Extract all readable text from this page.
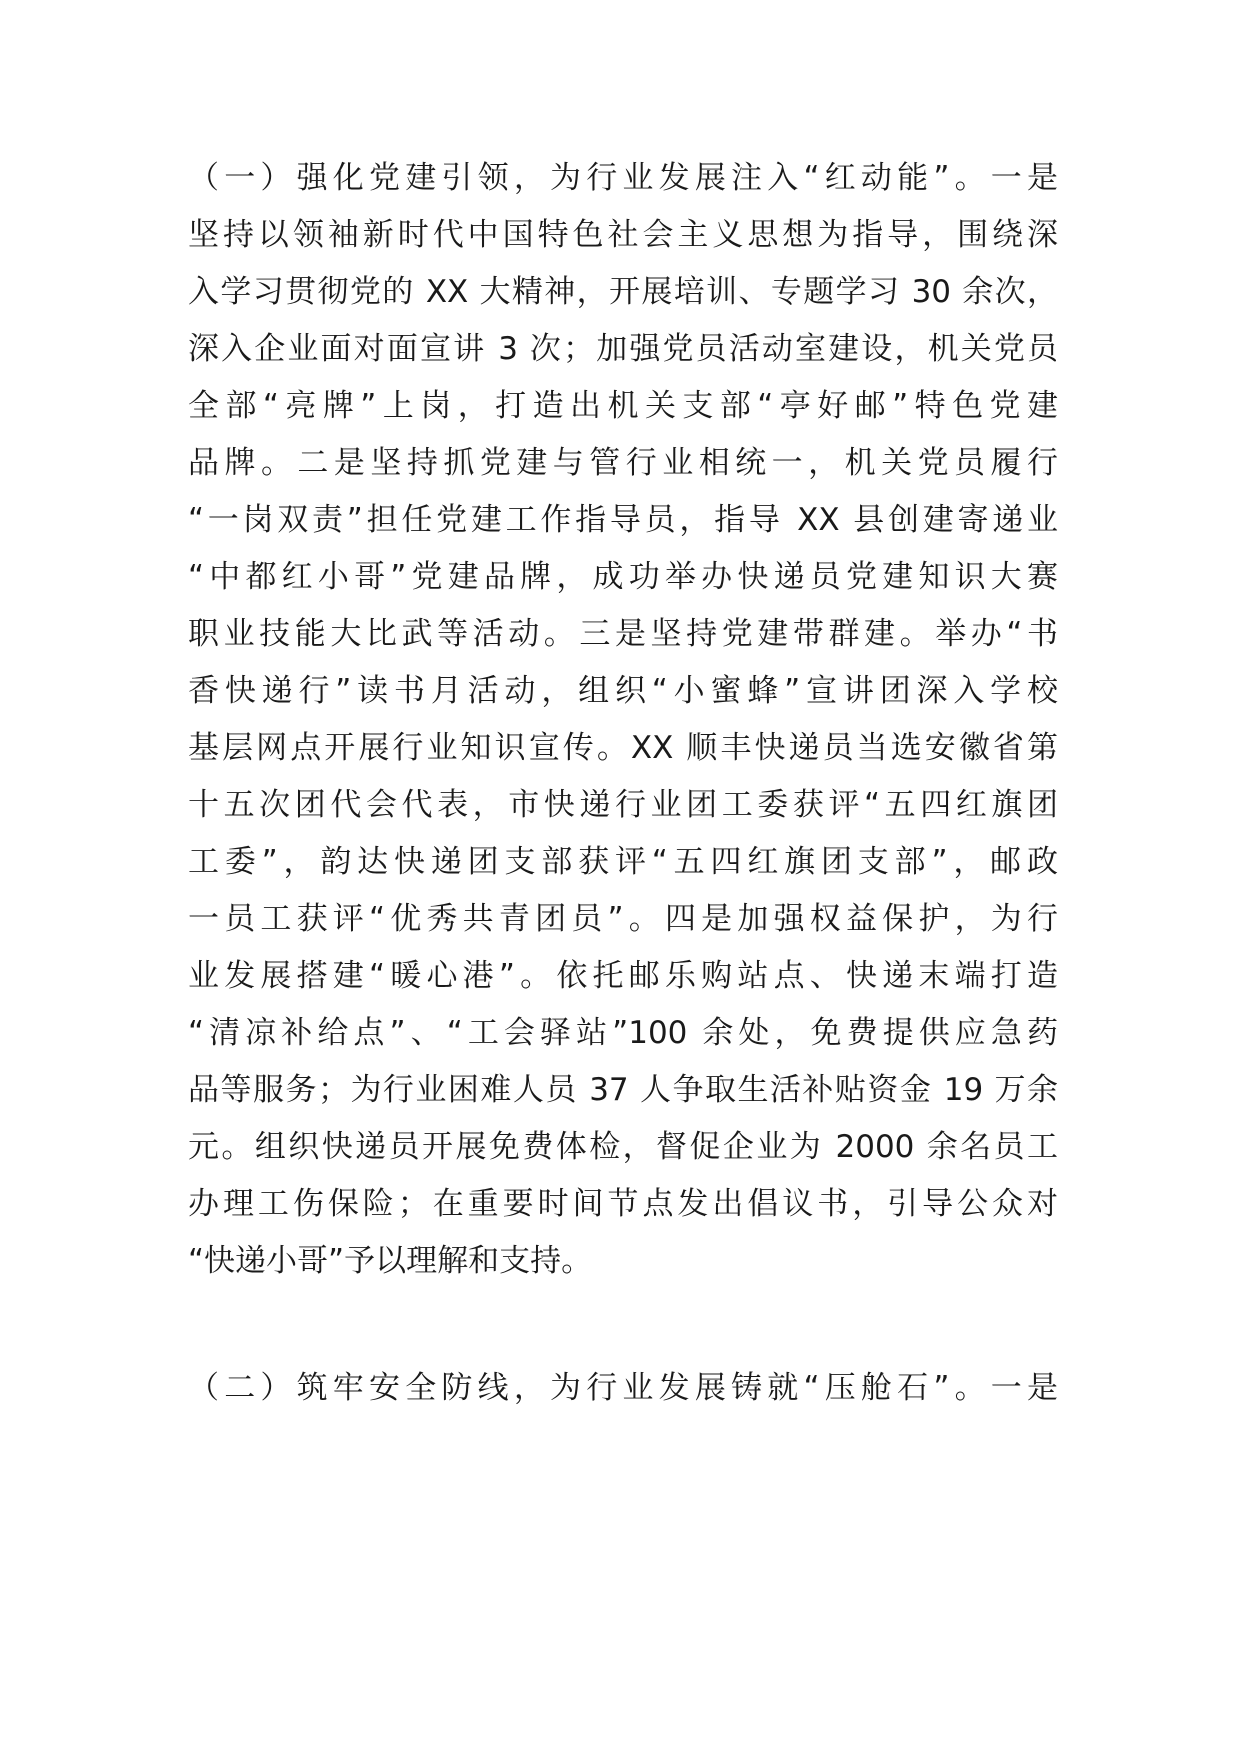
（一）强化党建引领，为行业发展注入“红动能”。一是
坚持以领袖新时代中国特色社会主义思想为指导，围绕深
入学习贯彻党的 XX 大精神，开展培训、专题学习 30 余次，
深入企业面对面宣讲 3 次；加强党员活动室建设，机关党员
全部“亮牌”上岗，打造出机关支部“亭好邮”特色党建
品牌。二是坚持抓党建与管行业相统一，机关党员履行
“一岗双责”担任党建工作指导员，指导 XX 县创建寄递业
“中都红小哥”党建品牌，成功举办快递员党建知识大赛
职业技能大比武等活动。三是坚持党建带群建。举办“书
香快递行”读书月活动，组织“小蜜蜂”宣讲团深入学校
基层网点开展行业知识宣传。XX 顺丰快递员当选安徽省第
十五次团代会代表，市快递行业团工委获评“五四红旗团
工委”，韵达快递团支部获评“五四红旗团支部”，邮政
一员工获评“优秀共青团员”。四是加强权益保护，为行
业发展搭建“暖心港”。依托邮乐购站点、快递末端打造
“清凉补给点”、“工会驿站”100 余处，免费提供应急药
品等服务；为行业困难人员 37 人争取生活补贴资金 19 万余
元。组织快递员开展免费体检，督促企业为 2000 余名员工
办理工伤保险；在重要时间节点发出倡议书，引导公众对
“快递小哥”予以理解和支持。
（二）筑牢安全防线，为行业发展铸就“压舱石”。一是
